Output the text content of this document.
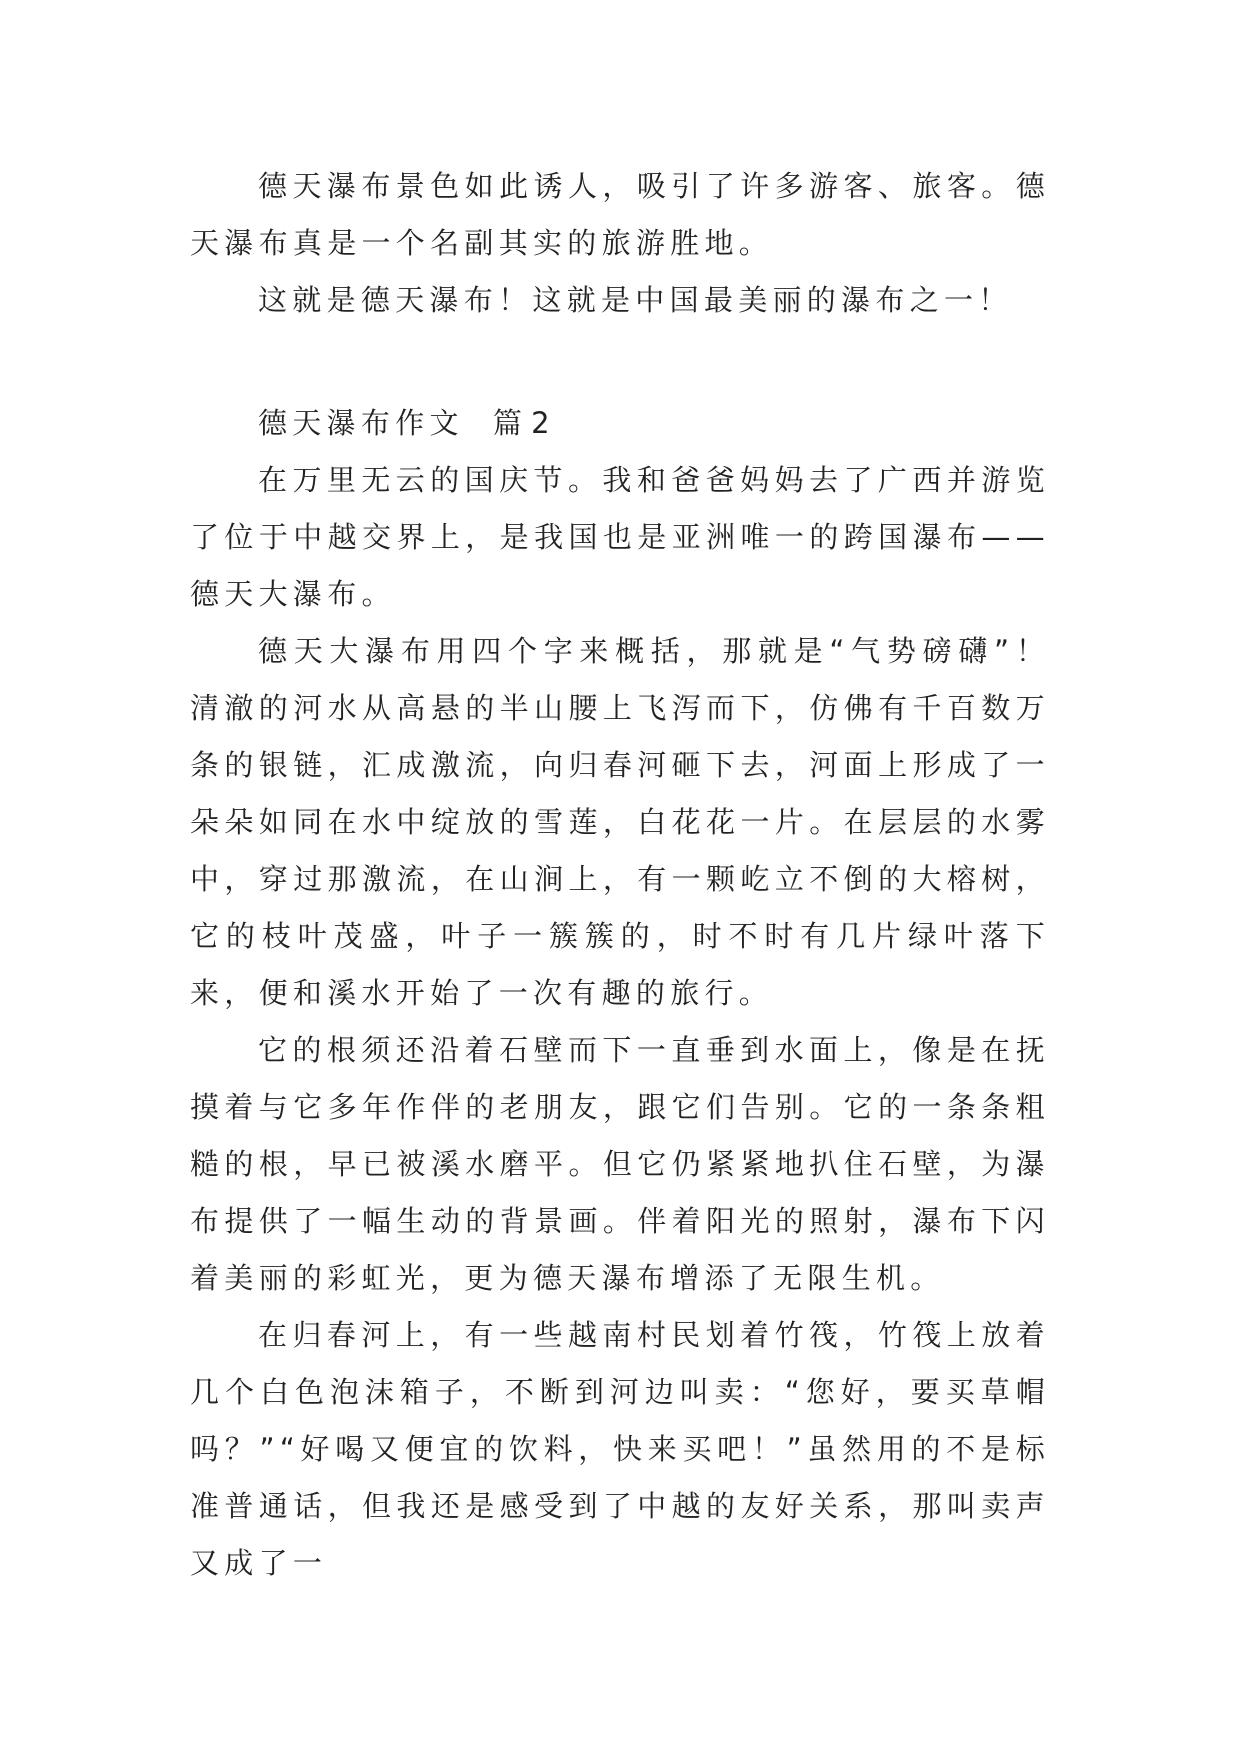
德天瀑布景色如此诱人，吸引了许多游客、旅客。德天瀑布真是一个名副其实的旅游胜地。

这就是德天瀑布！这就是中国最美丽的瀑布之一！

德天瀑布作文 篇 2

在万里无云的国庆节。我和爸爸妈妈去了广西并游览了位于中越交界上，是我国也是亚洲唯一的跨国瀑布——德天大瀑布。

德天大瀑布用四个字来概括，那就是“气势磅礴”！清澈的河水从高悬的半山腰上飞泻而下，仿佛有千百数万条的银链，汇成激流，向归春河砸下去，河面上形成了一朵朵如同在水中绽放的雪莲，白花花一片。在层层的水雾中，穿过那激流，在山涧上，有一颗屹立不倒的大榕树，它的枝叶茂盛，叶子一簇簇的，时不时有几片绿叶落下来，便和溪水开始了一次有趣的旅行。

它的根须还沿着石壁而下一直垂到水面上，像是在抚摸着与它多年作伴的老朋友，跟它们告别。它的一条条粗糙的根，早已被溪水磨平。但它仍紧紧地扒住石壁，为瀑布提供了一幅生动的背景画。伴着阳光的照射，瀑布下闪着美丽的彩虹光，更为德天瀑布增添了无限生机。

在归春河上，有一些越南村民划着竹筏，竹筏上放着几个白色泡沫箱子，不断到河边叫卖：“您好，要买草帽吗？”“好喝又便宜的饮料，快来买吧！”虽然用的不是标准普通话，但我还是感受到了中越的友好关系，那叫卖声又成了一
